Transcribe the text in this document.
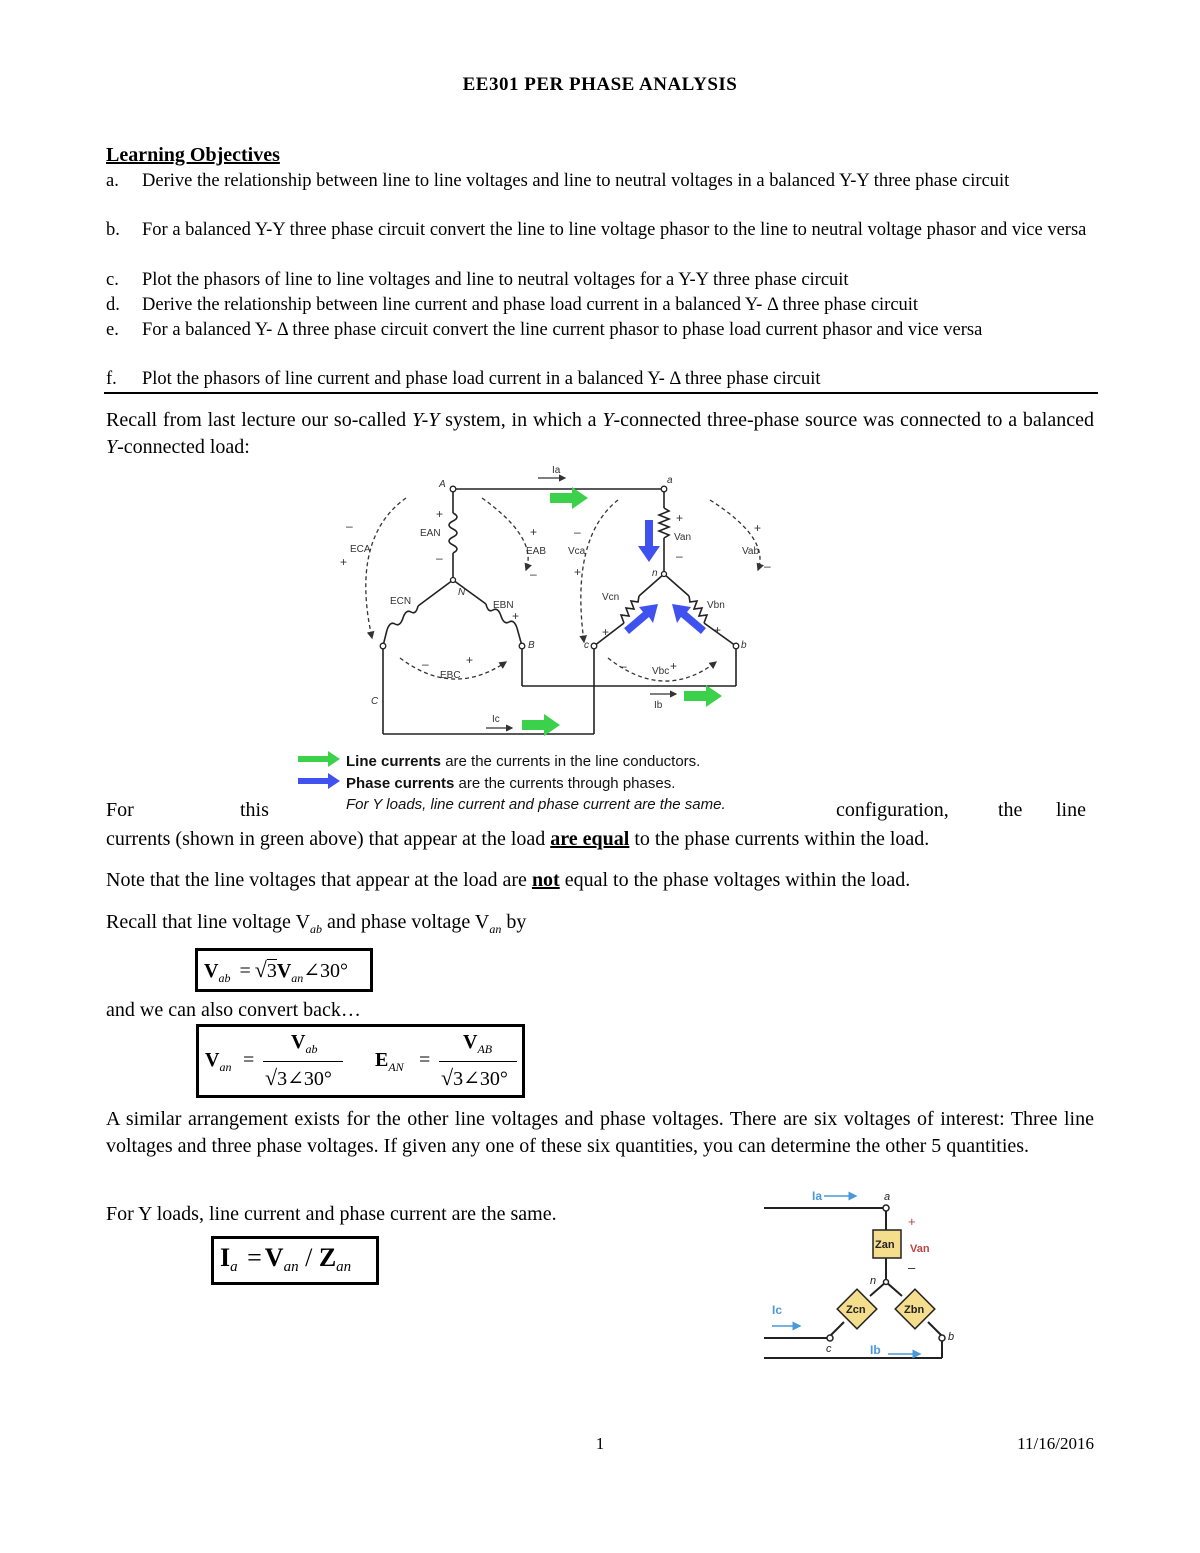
EE301 PER PHASE ANALYSIS
Learning Objectives
a. Derive the relationship between line to line voltages and line to neutral voltages in a balanced Y-Y three phase circuit
b. For a balanced Y-Y three phase circuit convert the line to line voltage phasor to the line to neutral voltage phasor and vice versa
c. Plot the phasors of line to line voltages and line to neutral voltages for a Y-Y three phase circuit
d. Derive the relationship between line current and phase load current in a balanced Y- Δ three phase circuit
e. For a balanced Y- Δ three phase circuit convert the line current phasor to phase load current phasor and vice versa
f. Plot the phasors of line current and phase load current in a balanced Y- Δ three phase circuit
Recall from last lecture our so-called Y-Y system, in which a Y-connected three-phase source was connected to a balanced Y-connected load:
A
N
B
C
a
n
b
c
EAN
ECN	EBN
ECA	EAB
EBC
Van
Vcn
Vbn
Vca	Vab
Vbc
Ia
Ib
Ic
+
–
–
+
+
–
–	+
+
+
–
–
+
+
–
–	+
+
+
Line currents are the currents in the line conductors.
Phase currents are the currents through phases.
For Y loads, line current and phase current are the same.
For	this	configuration, the line
currents (shown in green above) that appear at the load are equal to the phase currents within the load.
Note that the line voltages that appear at the load are not equal to the phase voltages within the load.
Recall that line voltage $V_{ab}$ and phase voltage $V_{an}$ by
$V_{ab}$ = $√3V_{an}\angle 30^\circ$
and we can also convert back…
$V_{an}$ =
$V_{ab}$
√3∠30°
$E_{AN}$ =
$V_{AB}$
√3∠30°
A similar arrangement exists for the other line voltages and phase voltages. There are six voltages of interest: Three line voltages and three phase voltages. If given any one of these six quantities, you can determine the other 5 quantities.
For Y loads, line current and phase current are the same.
$I_a = V_{an} / Z_{an}$
Zan
Zcn	Zbn
Ia
Ic
Ib
Van
a
n
c
b
+
–
1	11/16/2016
